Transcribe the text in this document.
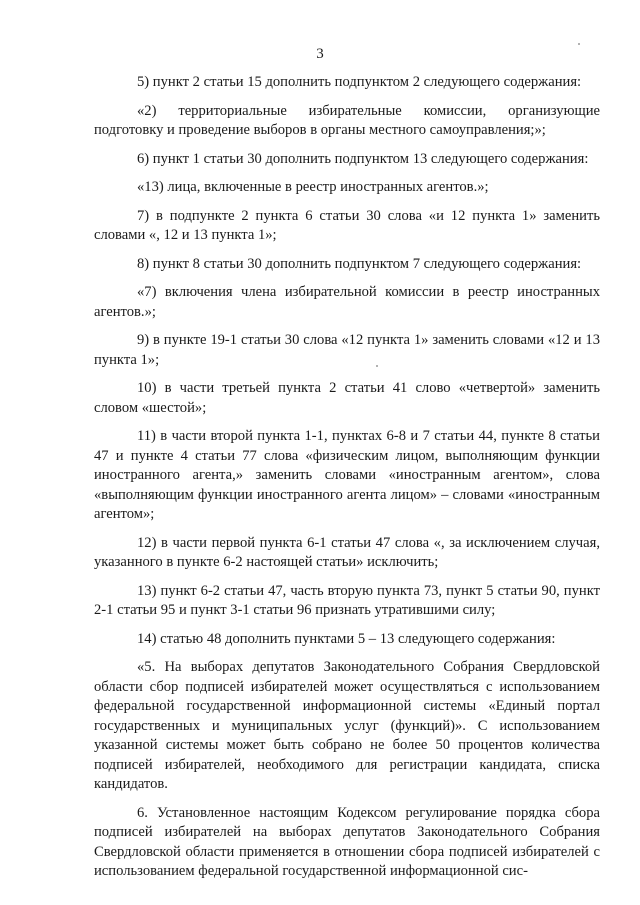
3

5) пункт 2 статьи 15 дополнить подпунктом 2 следующего содержания:

«2) территориальные избирательные комиссии, организующие подготовку и проведение выборов в органы местного самоуправления;»;

6) пункт 1 статьи 30 дополнить подпунктом 13 следующего содержания:

«13) лица, включенные в реестр иностранных агентов.»;

7) в подпункте 2 пункта 6 статьи 30 слова «и 12 пункта 1» заменить словами «, 12 и 13 пункта 1»;

8) пункт 8 статьи 30 дополнить подпунктом 7 следующего содержания:

«7) включения члена избирательной комиссии в реестр иностранных агентов.»;

9) в пункте 19-1 статьи 30 слова «12 пункта 1» заменить словами «12 и 13 пункта 1»;

10) в части третьей пункта 2 статьи 41 слово «четвертой» заменить словом «шестой»;

11) в части второй пункта 1-1, пунктах 6-8 и 7 статьи 44, пункте 8 статьи 47 и пункте 4 статьи 77 слова «физическим лицом, выполняющим функции иностранного агента,» заменить словами «иностранным агентом», слова «выполняющим функции иностранного агента лицом» – словами «иностранным агентом»;

12) в части первой пункта 6-1 статьи 47 слова «, за исключением случая, указанного в пункте 6-2 настоящей статьи» исключить;

13) пункт 6-2 статьи 47, часть вторую пункта 73, пункт 5 статьи 90, пункт 2-1 статьи 95 и пункт 3-1 статьи 96 признать утратившими силу;

14) статью 48 дополнить пунктами 5 – 13 следующего содержания:

«5. На выборах депутатов Законодательного Собрания Свердловской области сбор подписей избирателей может осуществляться с использованием федеральной государственной информационной системы «Единый портал государственных и муниципальных услуг (функций)». С использованием указанной системы может быть собрано не более 50 процентов количества подписей избирателей, необходимого для регистрации кандидата, списка кандидатов.

6. Установленное настоящим Кодексом регулирование порядка сбора подписей избирателей на выборах депутатов Законодательного Собрания Свердловской области применяется в отношении сбора подписей избирателей с использованием федеральной государственной информационной сис-
